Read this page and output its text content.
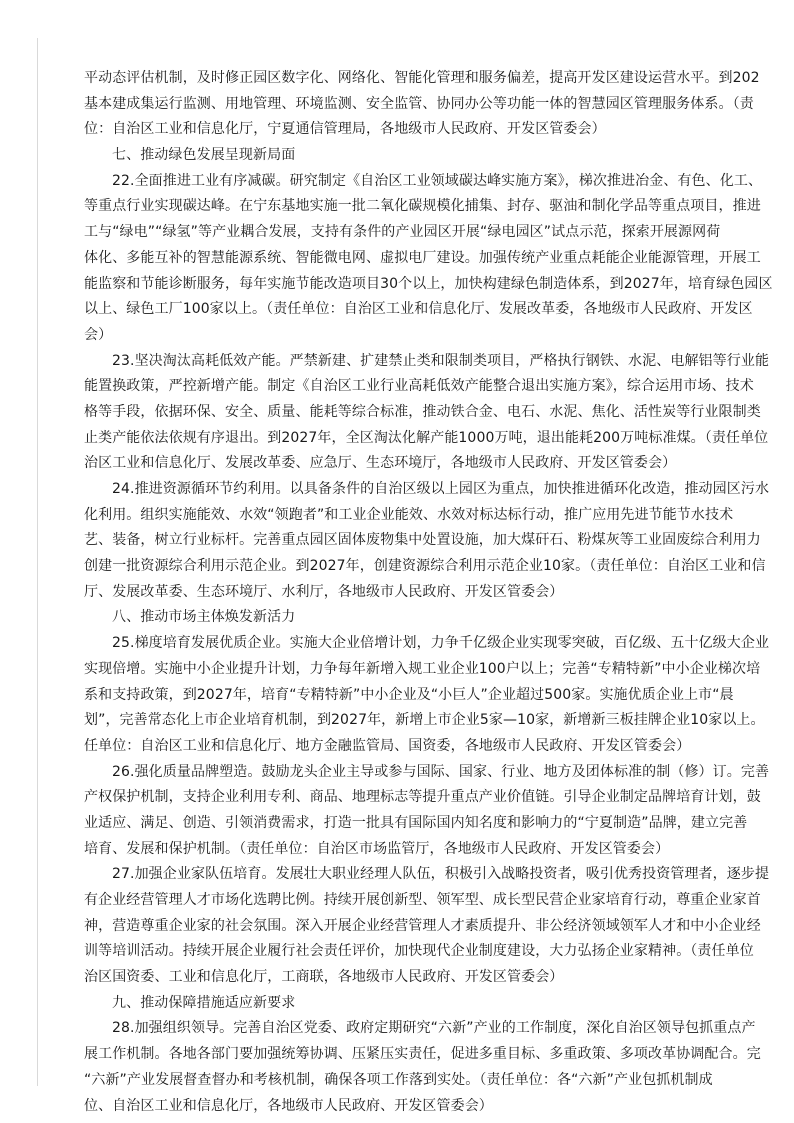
平动态评估机制，及时修正园区数字化、网络化、智能化管理和服务偏差，提高开发区建设运营水平。到202
基本建成集运行监测、用地管理、环境监测、安全监管、协同办公等功能一体的智慧园区管理服务体系。（责
位：自治区工业和信息化厅，宁夏通信管理局，各地级市人民政府、开发区管委会）
七、推动绿色发展呈现新局面
22.全面推进工业有序减碳。研究制定《自治区工业领域碳达峰实施方案》，梯次推进冶金、有色、化工、
等重点行业实现碳达峰。在宁东基地实施一批二氧化碳规模化捕集、封存、驱油和制化学品等重点项目，推进
工与“绿电”“绿氢”等产业耦合发展，支持有条件的产业园区开展“绿电园区”试点示范，探索开展源网荷
体化、多能互补的智慧能源系统、智能微电网、虚拟电厂建设。加强传统产业重点耗能企业能源管理，开展工
能监察和节能诊断服务，每年实施节能改造项目30个以上，加快构建绿色制造体系，到2027年，培育绿色园区
以上、绿色工厂100家以上。（责任单位：自治区工业和信息化厅、发展改革委，各地级市人民政府、开发区
会）
23.坚决淘汰高耗低效产能。严禁新建、扩建禁止类和限制类项目，严格执行钢铁、水泥、电解铝等行业能
能置换政策，严控新增产能。制定《自治区工业行业高耗低效产能整合退出实施方案》，综合运用市场、技术
格等手段，依据环保、安全、质量、能耗等综合标准，推动铁合金、电石、水泥、焦化、活性炭等行业限制类
止类产能依法依规有序退出。到2027年，全区淘汰化解产能1000万吨，退出能耗200万吨标准煤。（责任单位
治区工业和信息化厅、发展改革委、应急厅、生态环境厅，各地级市人民政府、开发区管委会）
24.推进资源循环节约利用。以具备条件的自治区级以上园区为重点，加快推进循环化改造，推动园区污水
化利用。组织实施能效、水效“领跑者”和工业企业能效、水效对标达标行动，推广应用先进节能节水技术
艺、装备，树立行业标杆。完善重点园区固体废物集中处置设施，加大煤矸石、粉煤灰等工业固废综合利用力
创建一批资源综合利用示范企业。到2027年，创建资源综合利用示范企业10家。（责任单位：自治区工业和信
厅、发展改革委、生态环境厅、水利厅，各地级市人民政府、开发区管委会）
八、推动市场主体焕发新活力
25.梯度培育发展优质企业。实施大企业倍增计划，力争千亿级企业实现零突破，百亿级、五十亿级大企业
实现倍增。实施中小企业提升计划，力争每年新增入规工业企业100户以上；完善“专精特新”中小企业梯次培
系和支持政策，到2027年，培育“专精特新”中小企业及“小巨人”企业超过500家。实施优质企业上市“晨
划”，完善常态化上市企业培育机制，到2027年，新增上市企业5家—10家，新增新三板挂牌企业10家以上。
任单位：自治区工业和信息化厅、地方金融监管局、国资委，各地级市人民政府、开发区管委会）
26.强化质量品牌塑造。鼓励龙头企业主导或参与国际、国家、行业、地方及团体标准的制（修）订。完善
产权保护机制，支持企业利用专利、商品、地理标志等提升重点产业价值链。引导企业制定品牌培育计划，鼓
业适应、满足、创造、引领消费需求，打造一批具有国际国内知名度和影响力的“宁夏制造”品牌，建立完善
培育、发展和保护机制。（责任单位：自治区市场监管厅，各地级市人民政府、开发区管委会）
27.加强企业家队伍培育。发展壮大职业经理人队伍，积极引入战略投资者，吸引优秀投资管理者，逐步提
有企业经营管理人才市场化选聘比例。持续开展创新型、领军型、成长型民营企业家培育行动，尊重企业家首
神，营造尊重企业家的社会氛围。深入开展企业经营管理人才素质提升、非公经济领域领军人才和中小企业经
训等培训活动。持续开展企业履行社会责任评价，加快现代企业制度建设，大力弘扬企业家精神。（责任单位
治区国资委、工业和信息化厅，工商联，各地级市人民政府、开发区管委会）
九、推动保障措施适应新要求
28.加强组织领导。完善自治区党委、政府定期研究“六新”产业的工作制度，深化自治区领导包抓重点产
展工作机制。各地各部门要加强统筹协调、压紧压实责任，促进多重目标、多重政策、多项改革协调配合。完
“六新”产业发展督查督办和考核机制，确保各项工作落到实处。（责任单位：各“六新”产业包抓机制成
位、自治区工业和信息化厅，各地级市人民政府、开发区管委会）
